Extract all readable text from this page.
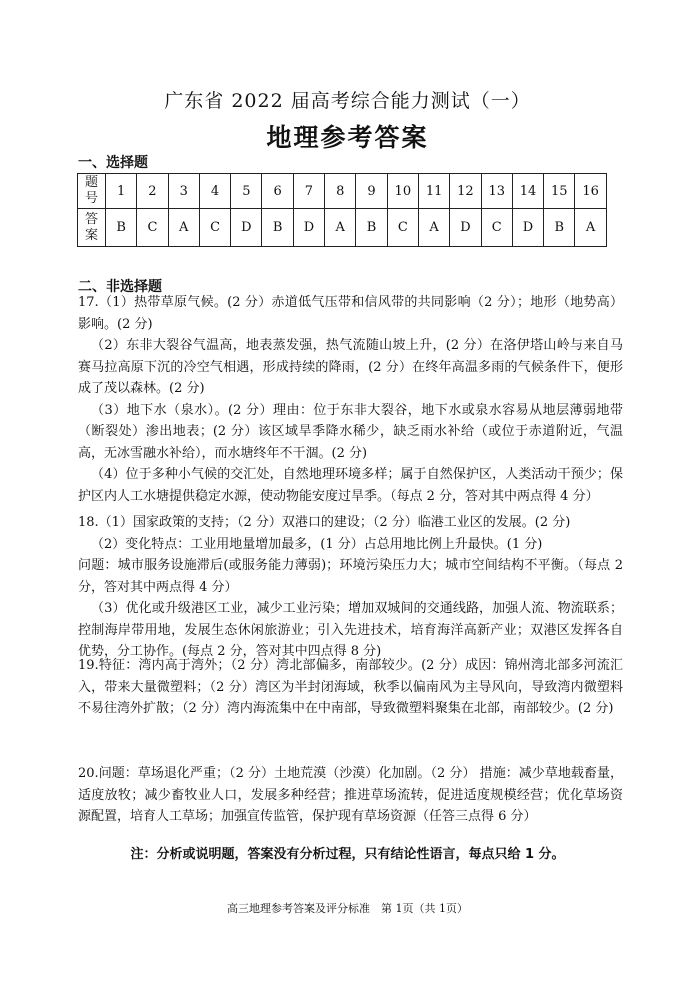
广东省 2022 届高考综合能力测试（一）
地理参考答案
一、选择题
题号	1	2	3	4	5	6	7	8	9	10	11	12	13	14	15	16
答案	B	C	A	C	D	B	D	A	B	C	A	D	C	D	B	A
二、非选择题

17.（1）热带草原气候。(2 分）赤道低气压带和信风带的共同影响（2 分）；地形（地势高）影响。(2 分)

（2）东非大裂谷气温高，地表蒸发强，热气流随山坡上升，(2 分）在洛伊塔山岭与来自马赛马拉高原下沉的冷空气相遇，形成持续的降雨，(2 分）在终年高温多雨的气候条件下，便形成了茂以森林。(2 分)

（3）地下水（泉水）。(2 分）理由：位于东非大裂谷，地下水或泉水容易从地层薄弱地带（断裂处）渗出地表；(2 分）该区域旱季降水稀少，缺乏雨水补给（或位于赤道附近，气温高，无冰雪融水补给），而水塘终年不干涸。(2 分)

（4）位于多种小气候的交汇处，自然地理环境多样；属于自然保护区，人类活动干预少；保护区内人工水塘提供稳定水源，使动物能安度过旱季。（每点 2 分，答对其中两点得 4 分）

18.（1）国家政策的支持；（2 分）双港口的建设；（2 分）临港工业区的发展。(2 分)

（2）变化特点：工业用地量增加最多，(1 分）占总用地比例上升最快。(1 分)

问题：城市服务设施滞后(或服务能力薄弱)；环境污染压力大；城市空间结构不平衡。（每点 2 分，答对其中两点得 4 分）

（3）优化或升级港区工业，减少工业污染；增加双城间的交通线路，加强人流、物流联系；控制海岸带用地，发展生态休闲旅游业；引入先进技术，培育海洋高新产业；双港区发挥各自优势，分工协作。(每点 2 分，答对其中四点得 8 分)

19.特征：湾内高于湾外；（2 分）湾北部偏多，南部较少。(2 分）成因：锦州湾北部多河流汇入，带来大量微塑料；（2 分）湾区为半封闭海域，秋季以偏南风为主导风向，导致湾内微塑料不易往湾外扩散；（2 分）湾内海流集中在中南部，导致微塑料聚集在北部，南部较少。(2 分)

20.问题：草场退化严重；（2 分）土地荒漠（沙漠）化加剧。（2 分） 措施：减少草地载畜量，适度放牧；减少畜牧业人口，发展多种经营；推进草场流转，促进适度规模经营；优化草场资源配置，培育人工草场；加强宣传监管，保护现有草场资源（任答三点得 6 分）

注：分析或说明题，答案没有分析过程，只有结论性语言，每点只给 1 分。
高三地理参考答案及评分标准　第 1页（共 1页）
